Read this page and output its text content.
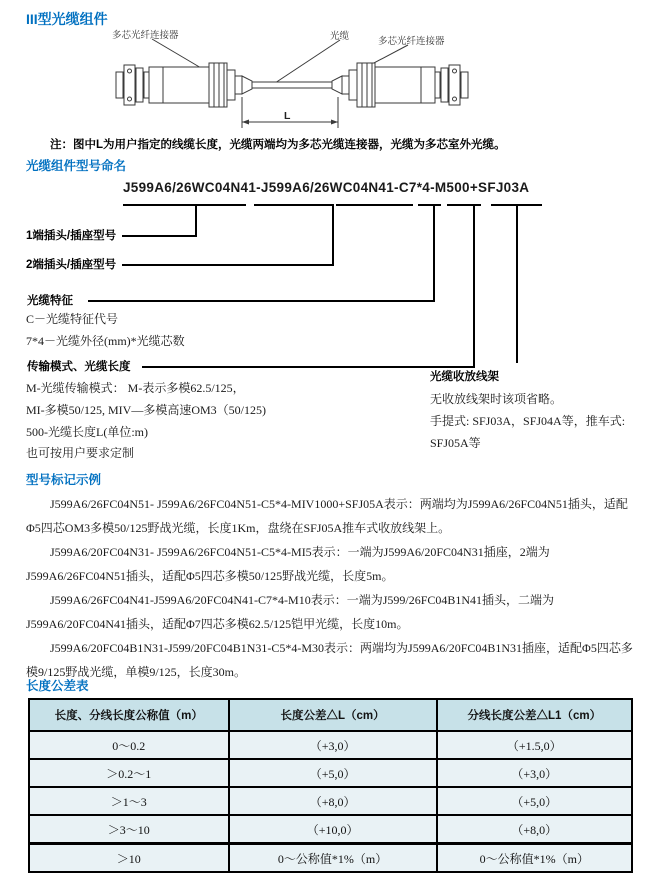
III型光缆组件
多芯光纤连接器	光缆	多芯光纤连接器
L
注：图中L为用户指定的线缆长度，光缆两端均为多芯光缆连接器，光缆为多芯室外光缆。
光缆组件型号命名
J599A6/26WC04N41-J599A6/26WC04N41-C7*4-M500+SFJ03A
1端插头/插座型号
2端插头/插座型号
光缆特征
C－光缆特征代号
7*4－光缆外径(mm)*光缆芯数
传输模式、光缆长度
M-光缆传输模式： M-表示多模62.5/125，
MI-多模50/125, MIV—多模高速OM3（50/125)
500-光缆长度L(单位:m)
也可按用户要求定制
光缆收放线架
无收放线架时该项省略。
手提式: SFJ03A，SFJ04A等，推车式:
SFJ05A等
型号标记示例

J599A6/26FC04N51- J599A6/26FC04N51-C5*4-MIV1000+SFJ05A表示：两端均为J599A6/26FC04N51插头，适配Φ5四芯OM3多模50/125野战光缆，长度1Km，盘绕在SFJ05A推车式收放线架上。

J599A6/20FC04N31- J599A6/26FC04N51-C5*4-MI5表示：一端为J599A6/20FC04N31插座，2端为J599A6/26FC04N51插头，适配Φ5四芯多模50/125野战光缆，长度5m。

J599A6/26FC04N41-J599A6/20FC04N41-C7*4-M10表示：一端为J599/26FC04B1N41插头，二端为J599A6/20FC04N41插头，适配Φ7四芯多模62.5/125铠甲光缆，长度10m。

J599A6/20FC04B1N31-J599/20FC04B1N31-C5*4-M30表示：两端均为J599A6/20FC04B1N31插座，适配Φ5四芯多模9/125野战光缆，单模9/125，长度30m。

长度公差表
长度、分线长度公称值（m）	长度公差△L（cm）	分线长度公差△L1（cm）
0～0.2	（+3,0）	（+1.5,0）
＞0.2～1	（+5,0）	（+3,0）
＞1～3	（+8,0）	（+5,0）
＞3～10	（+10,0）	（+8,0）
＞10	0～公称值*1%（m）	0～公称值*1%（m）
